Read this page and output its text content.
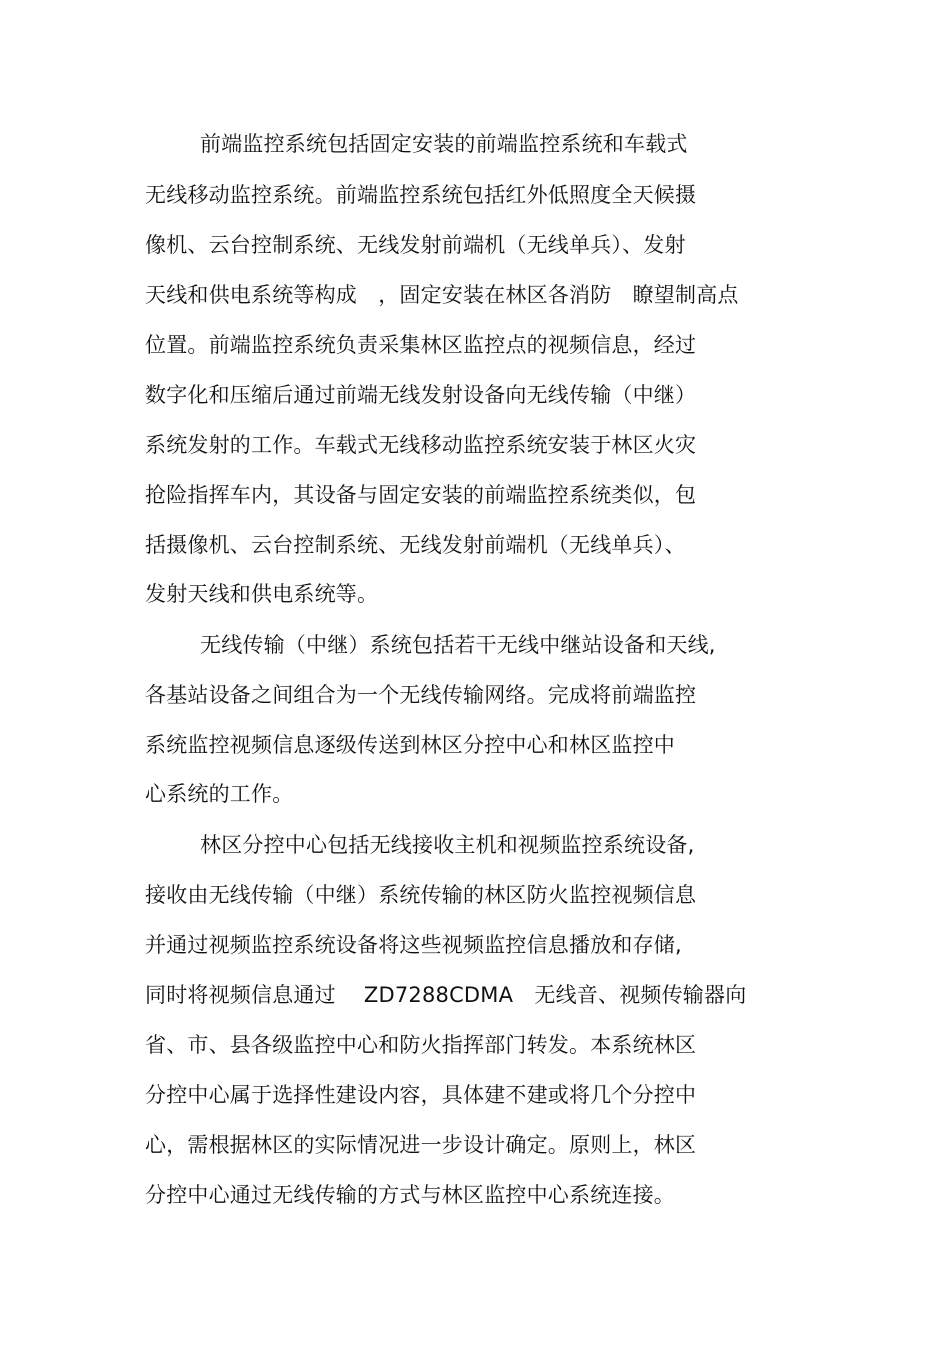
前端监控系统包括固定安装的前端监控系统和车载式
无线移动监控系统。前端监控系统包括红外低照度全天候摄
像机、云台控制系统、无线发射前端机（无线单兵）、发射
天线和供电系统等构成　，固定安装在林区各消防　瞭望制高点
位置。前端监控系统负责采集林区监控点的视频信息，经过
数字化和压缩后通过前端无线发射设备向无线传输（中继）
系统发射的工作。车载式无线移动监控系统安装于林区火灾
抢险指挥车内，其设备与固定安装的前端监控系统类似，包
括摄像机、云台控制系统、无线发射前端机（无线单兵）、
发射天线和供电系统等。
无线传输（中继）系统包括若干无线中继站设备和天线,
各基站设备之间组合为一个无线传输网络。完成将前端监控
系统监控视频信息逐级传送到林区分控中心和林区监控中
心系统的工作。
林区分控中心包括无线接收主机和视频监控系统设备,
接收由无线传输（中继）系统传输的林区防火监控视频信息
并通过视频监控系统设备将这些视频监控信息播放和存储,
同时将视频信息通过　 ZD7288CDMA　无线音、视频传输器向
省、市、县各级监控中心和防火指挥部门转发。本系统林区
分控中心属于选择性建设内容，具体建不建或将几个分控中
心，需根据林区的实际情况进一步设计确定。原则上，林区
分控中心通过无线传输的方式与林区监控中心系统连接。
